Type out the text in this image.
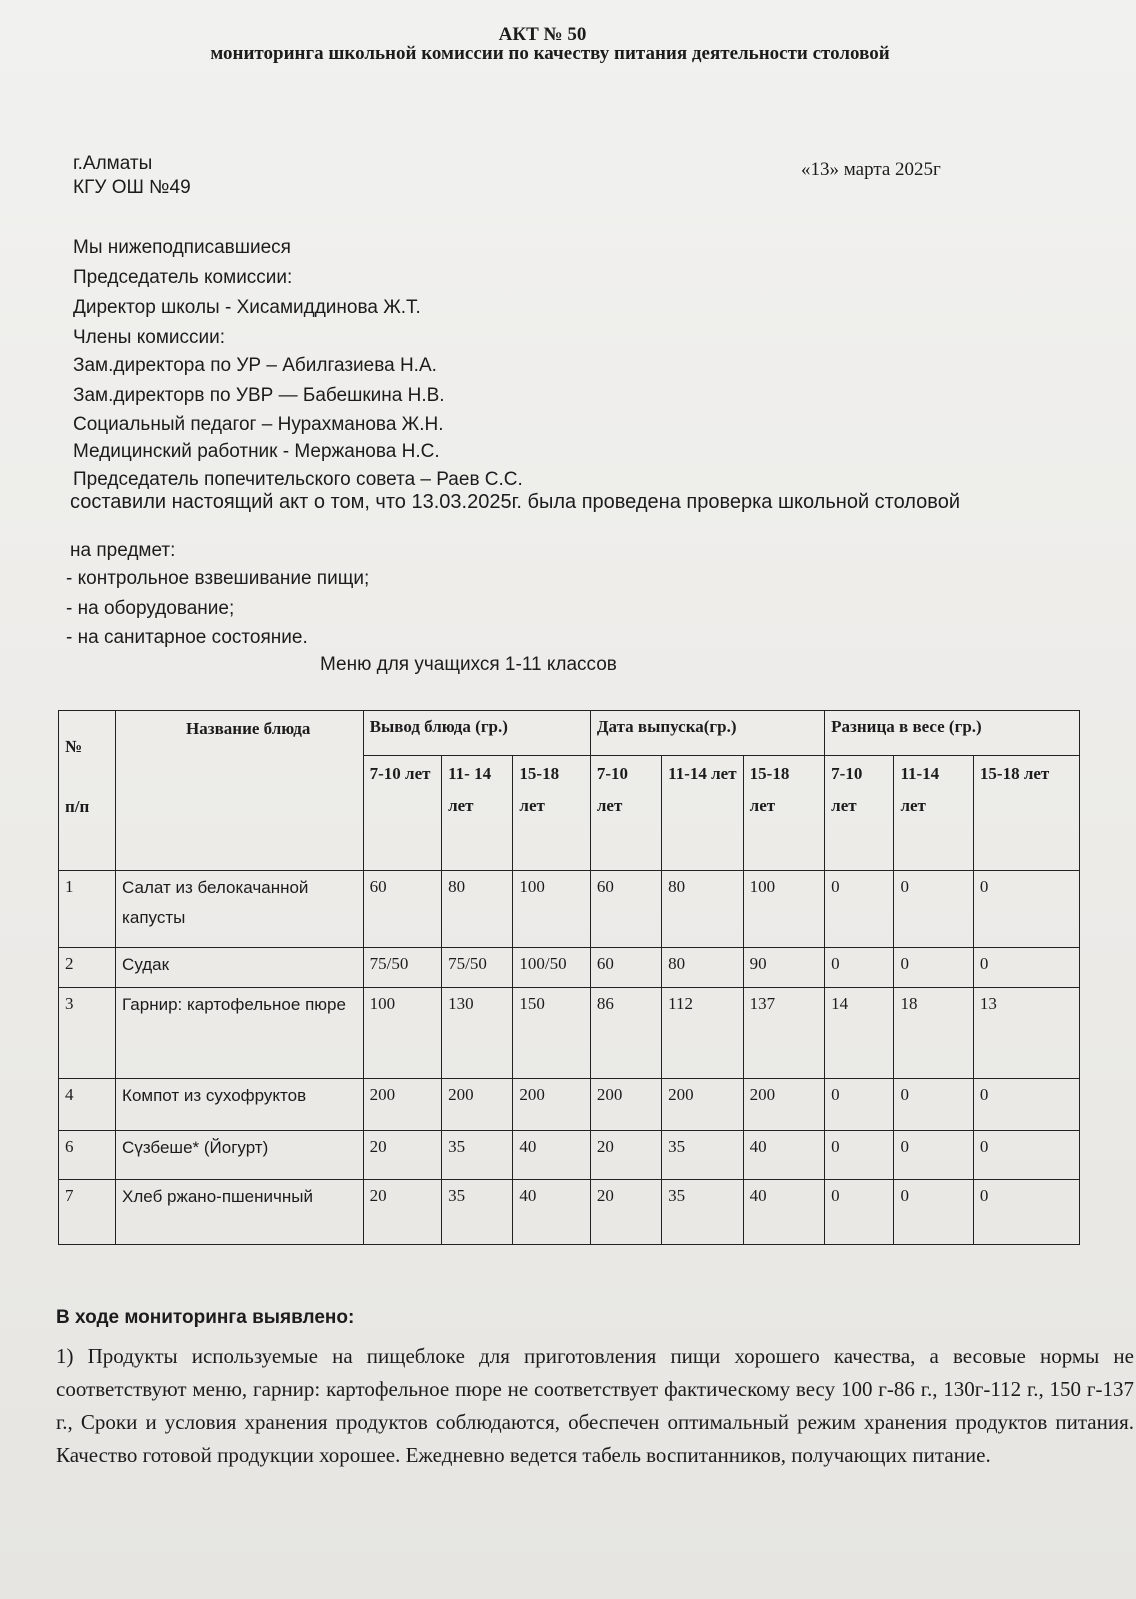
АКТ № 50
мониторинга школьной комиссии по качеству питания деятельности столовой
г.Алматы
КГУ ОШ №49
«13» марта 2025г
Мы нижеподписавшиеся
Председатель комиссии:
Директор школы - Хисамиддинова Ж.Т.
Члены комиссии:
Зам.директора по УР – Абилгазиева Н.А.
Зам.директорв по УВР — Бабешкина Н.В.
Социальный педагог – Нурахманова Ж.Н.
Медицинский работник - Мержанова Н.С.
Председатель попечительского совета – Раев С.С.
составили настоящий акт о том, что 13.03.2025г. была проведена проверка школьной столовой
на предмет:
- контрольное взвешивание пищи;
- на оборудование;
- на санитарное состояние.
Меню для учащихся 1-11 классов
№
п/п	Название блюда	Вывод блюда (гр.)			Дата выпуска(гр.)			Разница в весе (гр.)		
		7-10 лет	11- 14 лет	15-18 лет	7-10 лет	11-14 лет	15-18 лет	7-10 лет	11-14 лет	15-18 лет
1	Салат из белокачанной капусты	60	80	100	60	80	100	0	0	0
2	Судак	75/50	75/50	100/50	60	80	90	0	0	0
3	Гарнир: картофельное пюре	100	130	150	86	112	137	14	18	13
4	Компот из сухофруктов	200	200	200	200	200	200	0	0	0
6	Сүзбеше* (Йогурт)	20	35	40	20	35	40	0	0	0
7	Хлеб ржано-пшеничный	20	35	40	20	35	40	0	0	0
В ходе мониторинга выявлено:
1) Продукты используемые на пищеблоке для приготовления пищи хорошего качества, а весовые нормы не соответствуют меню, гарнир: картофельное пюре не соответствует фактическому весу 100 г-86 г., 130г-112 г., 150 г-137 г., Сроки и условия хранения продуктов соблюдаются, обеспечен оптимальный режим хранения продуктов питания. Качество готовой продукции хорошее. Ежедневно ведется табель воспитанников, получающих питание.
